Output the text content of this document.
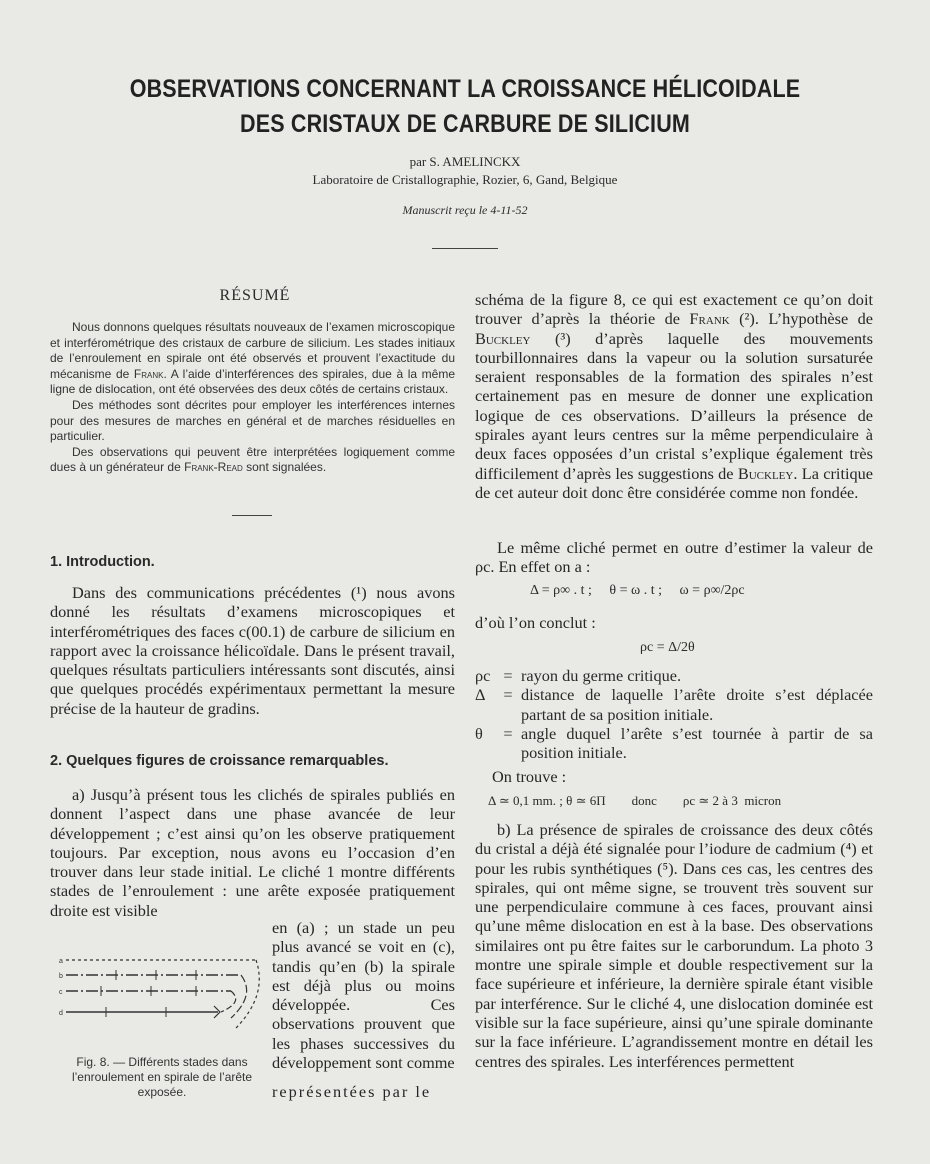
OBSERVATIONS CONCERNANT LA CROISSANCE HÉLICOIDALE
DES CRISTAUX DE CARBURE DE SILICIUM
par S. AMELINCKX
Laboratoire de Cristallographie, Rozier, 6, Gand, Belgique
Manuscrit reçu le 4-11-52
RÉSUMÉ

Nous donnons quelques résultats nouveaux de l’examen microscopique et interférométrique des cristaux de carbure de silicium. Les stades initiaux de l’enroulement en spirale ont été observés et prouvent l’exactitude du mécanisme de Frank. A l’aide d’interférences des spirales, due à la même ligne de dislocation, ont été observées des deux côtés de certains cristaux.

Des méthodes sont décrites pour employer les interférences internes pour des mesures de marches en général et de marches résiduelles en particulier.

Des observations qui peuvent être interprétées logiquement comme dues à un générateur de Frank-Read sont signalées.

1. Introduction.
Dans des communications précédentes (¹) nous avons donné les résultats d’examens microscopiques et interférométriques des faces c(00.1) de carbure de silicium en rapport avec la croissance hélicoïdale. Dans le présent travail, quelques résultats particuliers intéressants sont discutés, ainsi que quelques procédés expérimentaux permettant la mesure précise de la hauteur de gradins.
2. Quelques figures de croissance remarquables.
a) Jusqu’à présent tous les clichés de spirales publiés en donnent l’aspect dans une phase avancée de leur développement ; c’est ainsi qu’on les observe pratiquement toujours. Par exception, nous avons eu l’occasion d’en trouver dans leur stade initial. Le cliché 1 montre différents stades de l’enroulement : une arête exposée pratiquement droite est visible
en (a) ; un stade un peu plus avancé se voit en (c), tandis qu’en (b) la spirale est déjà plus ou moins développée. Ces observations prouvent que les phases successives du développement sont comme
représentées par le
a
b
c
d
Fig. 8. — Différents stades dans l’enroulement en spirale de l’arête exposée.
schéma de la figure 8, ce qui est exactement ce qu’on doit trouver d’après la théorie de Frank (²). L’hypothèse de Buckley (³) d’après laquelle des mouvements tourbillonnaires dans la vapeur ou la solution sursaturée seraient responsables de la formation des spirales n’est certainement pas en mesure de donner une explication logique de ces observations. D’ailleurs la présence de spirales ayant leurs centres sur la même perpendiculaire à deux faces opposées d’un cristal s’explique également très difficilement d’après les suggestions de Buckley. La critique de cet auteur doit donc être considérée comme non fondée.
Le même cliché permet en outre d’estimer la valeur de ρc. En effet on a :
Δ = ρ∞ . t ;     θ = ω . t ;     ω = ρ∞/2ρc
d’où l’on conclut :
ρc = Δ/2θ
ρc = rayon du germe critique.
Δ	= distance de laquelle l’arête droite s’est déplacée partant de sa position initiale.
θ	= angle duquel l’arête s’est tournée à partir de sa position initiale.
On trouve :
Δ ≃ 0,1 mm. ; θ ≃ 6Π        donc        ρc ≃ 2 à 3  micron
b) La présence de spirales de croissance des deux côtés du cristal a déjà été signalée pour l’iodure de cadmium (⁴) et pour les rubis synthétiques (⁵). Dans ces cas, les centres des spirales, qui ont même signe, se trouvent très souvent sur une perpendiculaire commune à ces faces, prouvant ainsi qu’une même dislocation en est à la base. Des observations similaires ont pu être faites sur le carborundum. La photo 3 montre une spirale simple et double respectivement sur la face supérieure et inférieure, la dernière spirale étant visible par interférence. Sur le cliché 4, une dislocation dominée est visible sur la face supérieure, ainsi qu’une spirale dominante sur la face inférieure. L’agrandissement montre en détail les centres des spirales. Les interférences permettent
